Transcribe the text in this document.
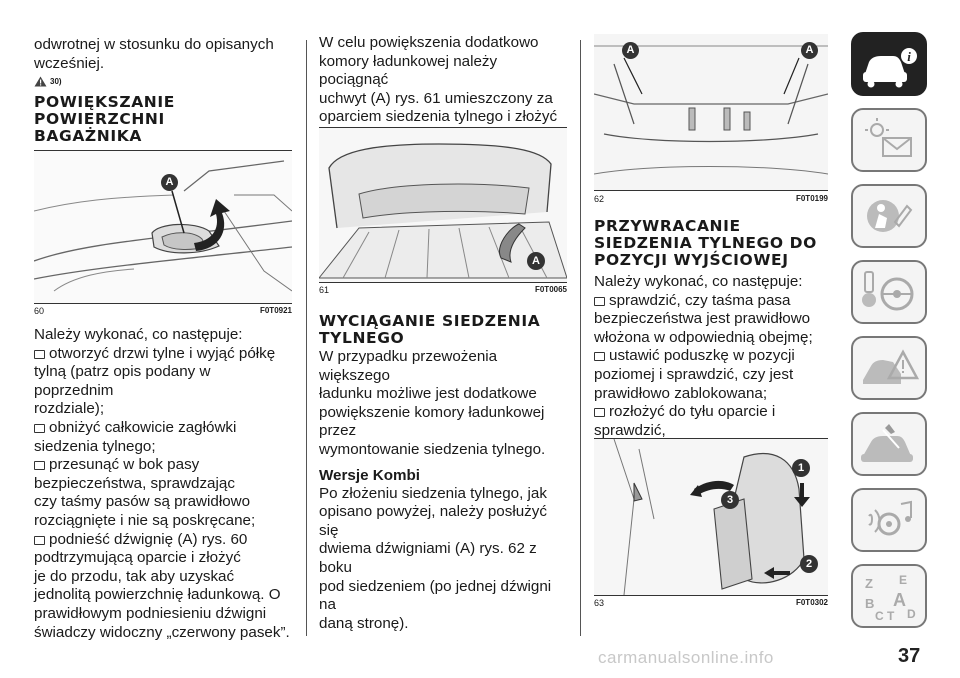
odwrotnej w stosunku do opisanych

wcześniej.

30)
POWIĘKSZANIE
POWIERZCHNI
BAGAŻNIKA
A
60	F0T0921

Należy wykonać, co następuje:

otworzyć drzwi tylne i wyjąć półkę

tylną (patrz opis podany w poprzednim

rozdziale);

obniżyć całkowicie zagłówki

siedzenia tylnego;

przesunąć w bok pasy

bezpieczeństwa, sprawdzając

czy taśmy pasów są prawidłowo

rozciągnięte i nie są poskręcane;

podnieść dźwignię (A) rys. 60

podtrzymującą oparcie i złożyć

je do przodu, tak aby uzyskać

jednolitą powierzchnię ładunkową. O

prawidłowym podniesieniu dźwigni

świadczy widoczny „czerwony pasek”.

W celu powiększenia dodatkowo

komory ładunkowej należy pociągnąć

uchwyt (A) rys. 61 umieszczony za

oparciem siedzenia tylnego i złożyć

A
61	F0T0065
WYCIĄGANIE SIEDZENIA
TYLNEGO

W przypadku przewożenia większego

ładunku możliwe jest dodatkowe

powiększenie komory ładunkowej przez

wymontowanie siedzenia tylnego.

Wersje Kombi

Po złożeniu siedzenia tylnego, jak

opisano powyżej, należy posłużyć się

dwiema dźwigniami (A) rys. 62 z boku

pod siedzeniem (po jednej dźwigni na

daną stronę).

A	A
62	F0T0199
PRZYWRACANIE
SIEDZENIA TYLNEGO DO
POZYCJI WYJŚCIOWEJ

Należy wykonać, co następuje:

sprawdzić, czy taśma pasa

bezpieczeństwa jest prawidłowo

włożona w odpowiednią obejmę;

ustawić poduszkę w pozycji

poziomej i sprawdzić, czy jest

prawidłowo zablokowana;

rozłożyć do tyłu oparcie i sprawdzić,

1
3
2
63	F0T0302
i
Z E
A
B
C T D
carmanualsonline.info	37
